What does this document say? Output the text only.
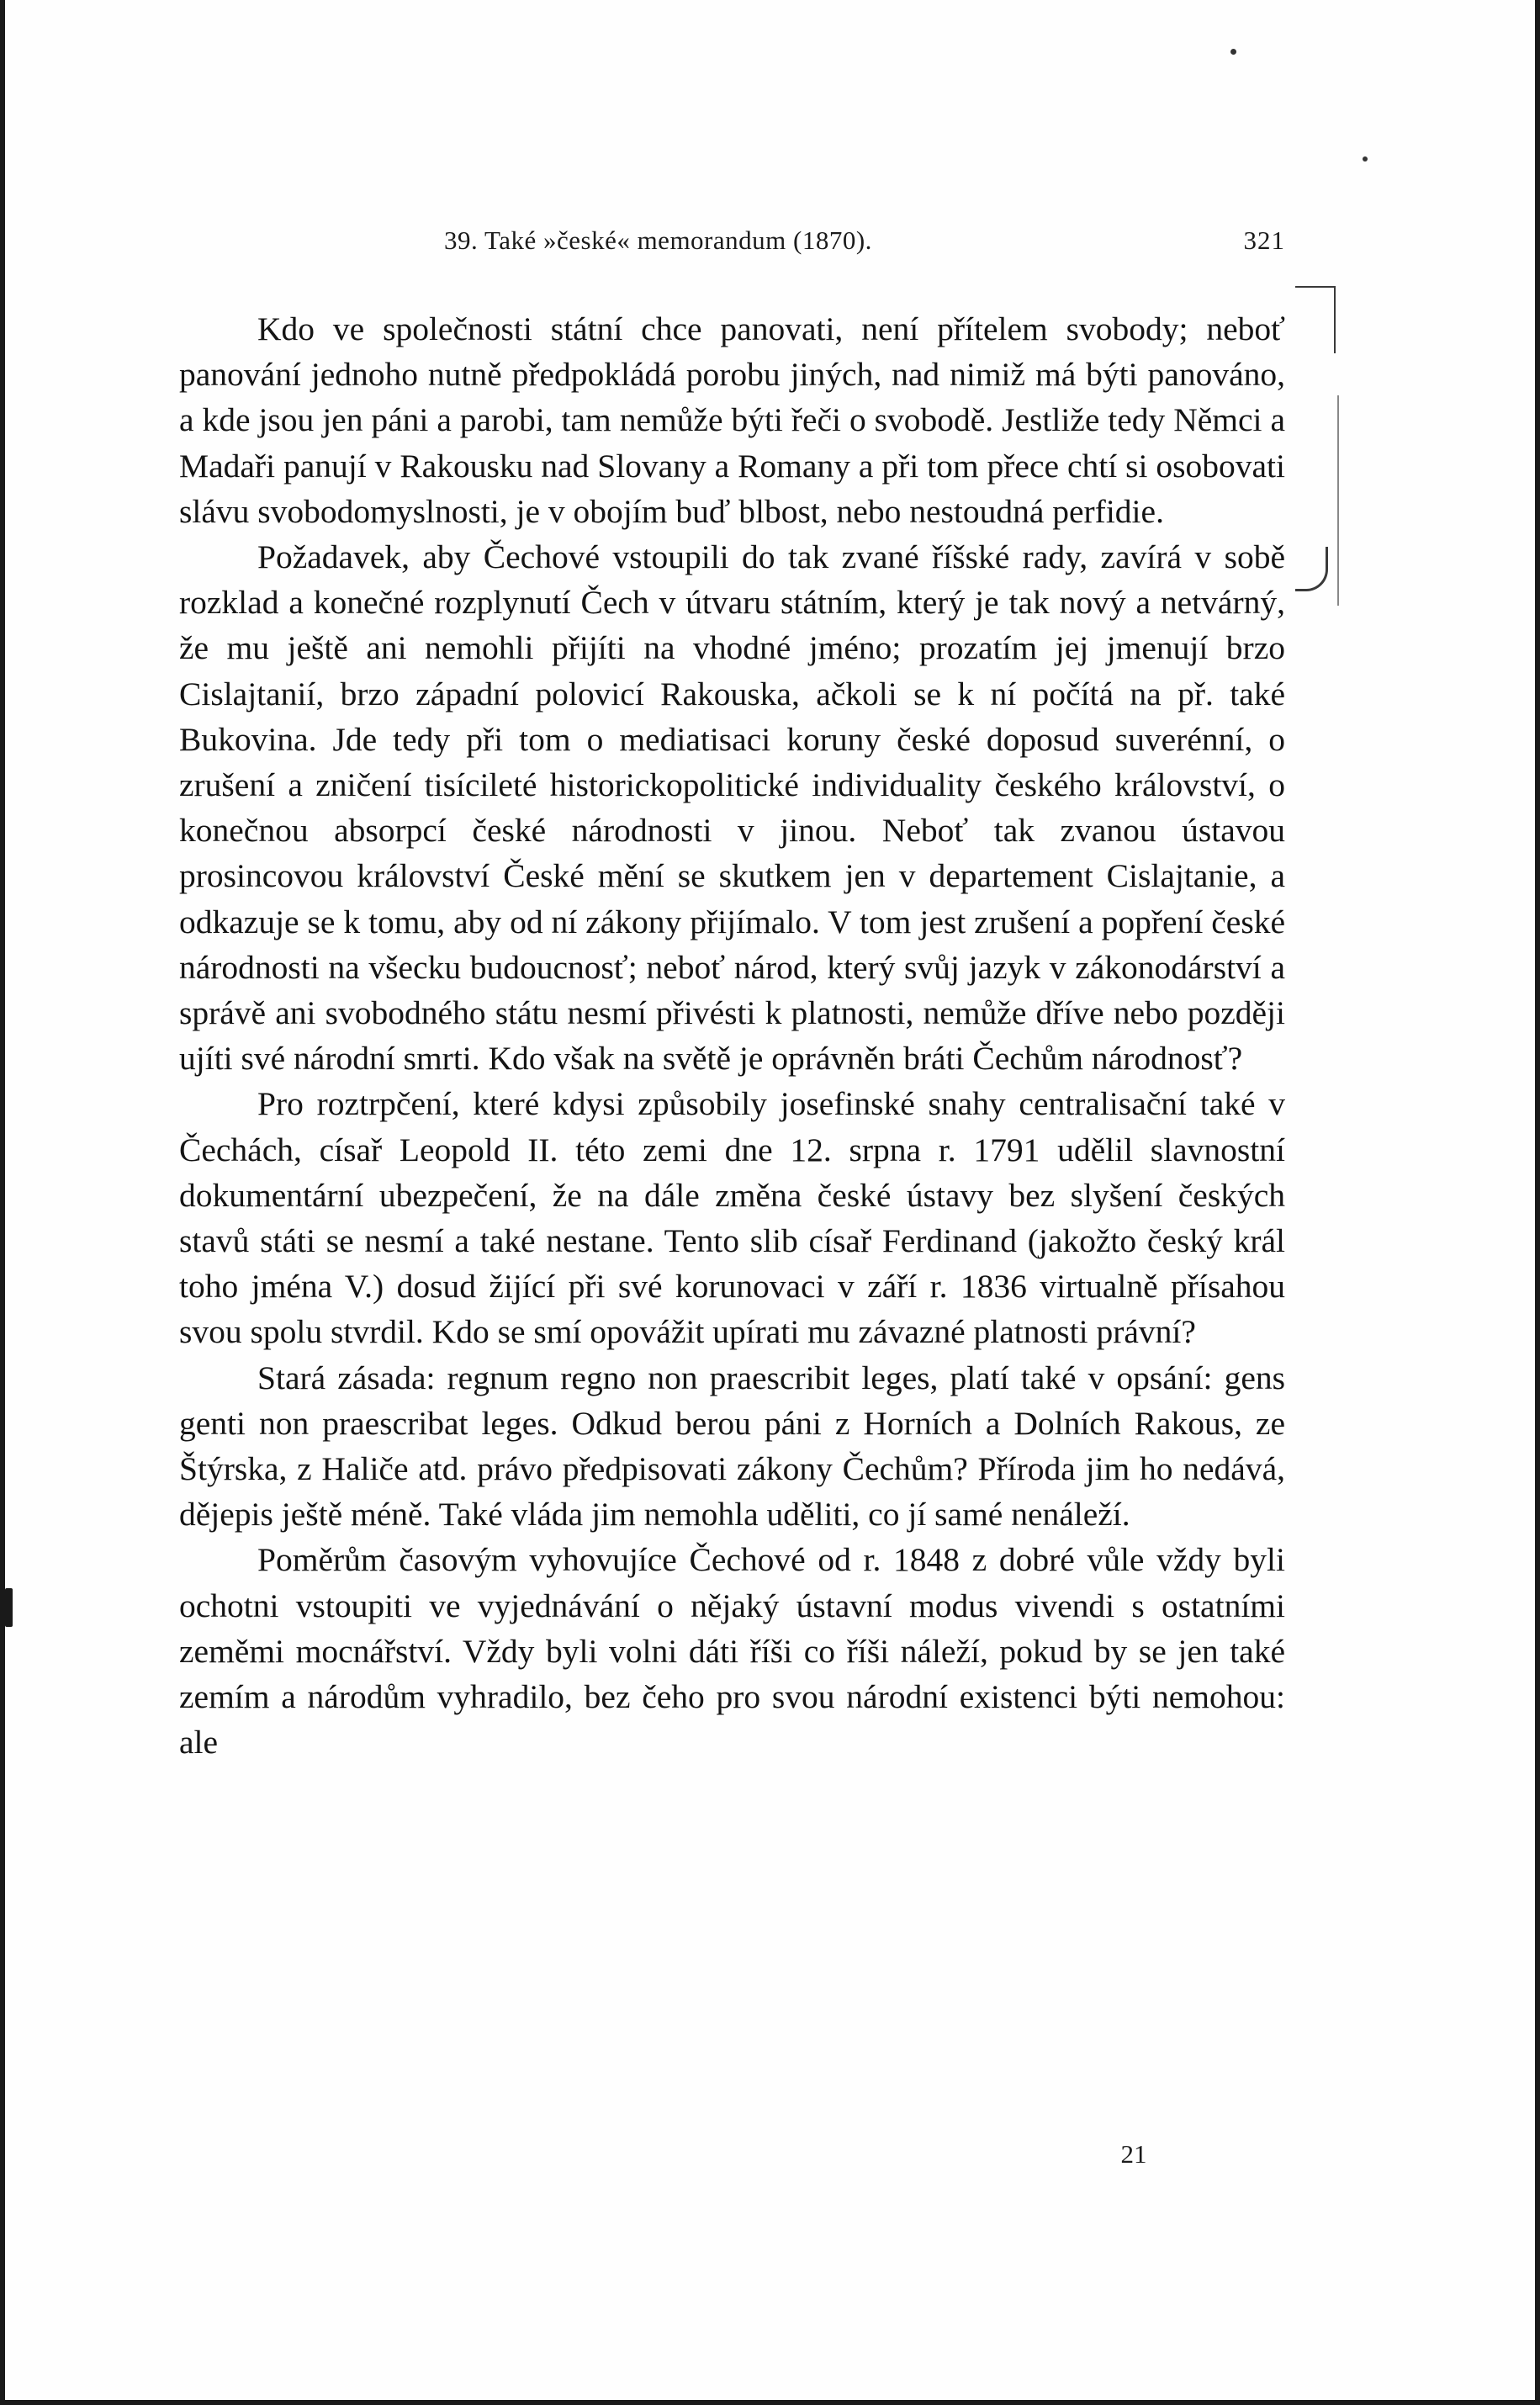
39. Také »české« memorandum (1870).	321

Kdo ve společnosti státní chce panovati, není přítelem svobody; neboť panování jednoho nutně předpokládá porobu jiných, nad nimiž má býti panováno, a kde jsou jen páni a parobi, tam nemůže býti řeči o svobodě. Jestliže tedy Němci a Madaři panují v Rakousku nad Slovany a Romany a při tom přece chtí si osobovati slávu svobodomyslnosti, je v obojím buď blbost, nebo nestoudná perfidie.

Požadavek, aby Čechové vstoupili do tak zvané říšské rady, zavírá v sobě rozklad a konečné rozplynutí Čech v útvaru státním, který je tak nový a netvárný, že mu ještě ani nemohli přijíti na vhodné jméno; prozatím jej jmenují brzo Cislajtanií, brzo západní polovicí Rakouska, ačkoli se k ní počítá na př. také Bukovina. Jde tedy při tom o mediatisaci koruny české doposud suverénní, o zrušení a zničení tisícileté historickopolitické individuality českého království, o konečnou absorpcí české národnosti v jinou. Neboť tak zvanou ústavou prosincovou království České mění se skutkem jen v departement Cislajtanie, a odkazuje se k tomu, aby od ní zákony přijímalo. V tom jest zrušení a popření české národnosti na všecku budoucnosť; neboť národ, který svůj jazyk v zákonodárství a správě ani svobodného státu nesmí přivésti k platnosti, nemůže dříve nebo později ujíti své národní smrti. Kdo však na světě je oprávněn bráti Čechům národnosť?

Pro roztrpčení, které kdysi způsobily josefinské snahy centralisační také v Čechách, císař Leopold II. této zemi dne 12. srpna r. 1791 udělil slavnostní dokumentární ubezpečení, že na dále změna české ústavy bez slyšení českých stavů státi se nesmí a také nestane. Tento slib císař Ferdinand (jakožto český král toho jména V.) dosud žijící při své korunovaci v září r. 1836 virtualně přísahou svou spolu stvrdil. Kdo se smí opovážit upírati mu závazné platnosti právní?

Stará zásada: regnum regno non praescribit leges, platí také v opsání: gens genti non praescribat leges. Odkud berou páni z Horních a Dolních Rakous, ze Štýrska, z Haliče atd. právo předpisovati zákony Čechům? Příroda jim ho nedává, dějepis ještě méně. Také vláda jim nemohla uděliti, co jí samé nenáleží.

Poměrům časovým vyhovujíce Čechové od r. 1848 z dobré vůle vždy byli ochotni vstoupiti ve vyjednávání o nějaký ústavní modus vivendi s ostatními zeměmi mocnářství. Vždy byli volni dáti říši co říši náleží, pokud by se jen také zemím a národům vyhradilo, bez čeho pro svou národní existenci býti nemohou: ale

21
